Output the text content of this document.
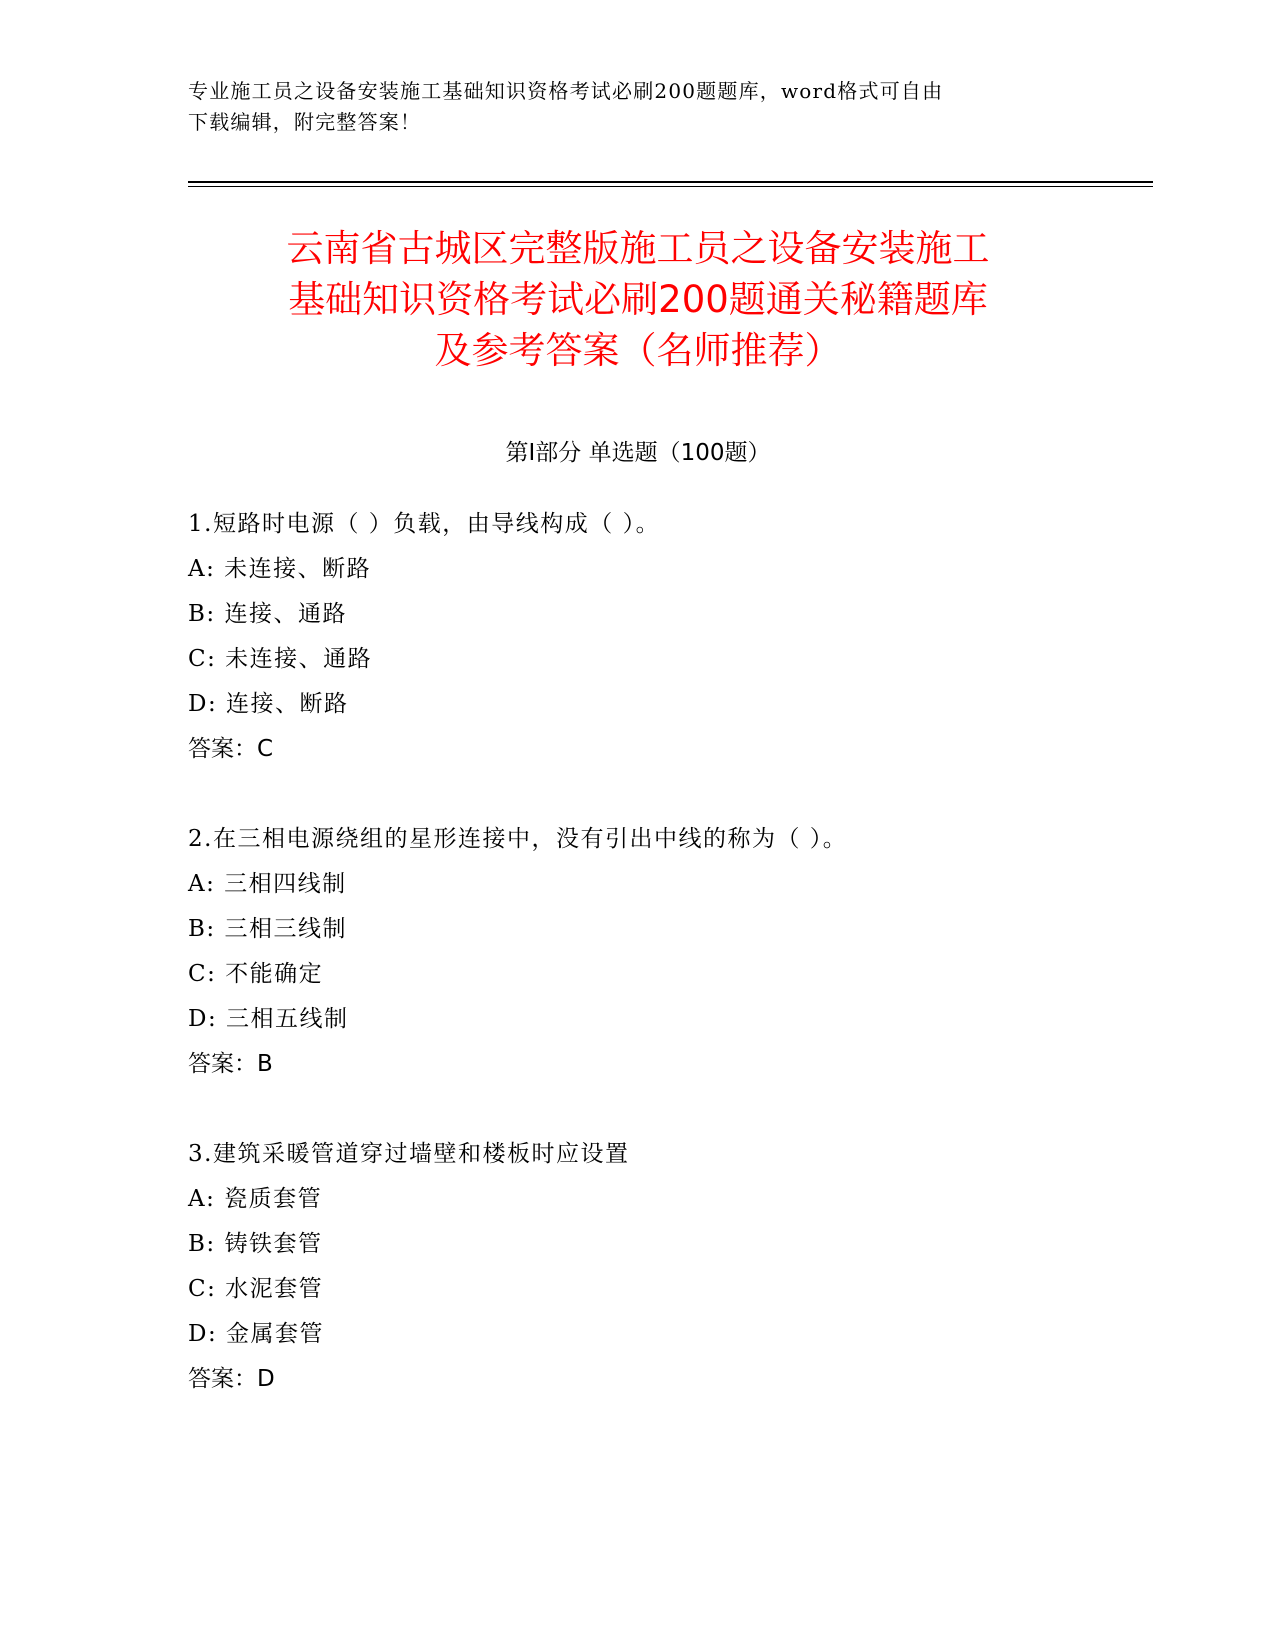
专业施工员之设备安装施工基础知识资格考试必刷200题题库，word格式可自由
下载编辑，附完整答案！
云南省古城区完整版施工员之设备安装施工
基础知识资格考试必刷200题通关秘籍题库
及参考答案（名师推荐）
第Ⅰ部分 单选题（100题）
1.短路时电源（ ）负载，由导线构成（ ）。
A: 未连接、断路
B: 连接、通路
C: 未连接、通路
D: 连接、断路
答案：C
2.在三相电源绕组的星形连接中，没有引出中线的称为（ ）。
A: 三相四线制
B: 三相三线制
C: 不能确定
D: 三相五线制
答案：B
3.建筑采暖管道穿过墙壁和楼板时应设置
A: 瓷质套管
B: 铸铁套管
C: 水泥套管
D: 金属套管
答案：D
